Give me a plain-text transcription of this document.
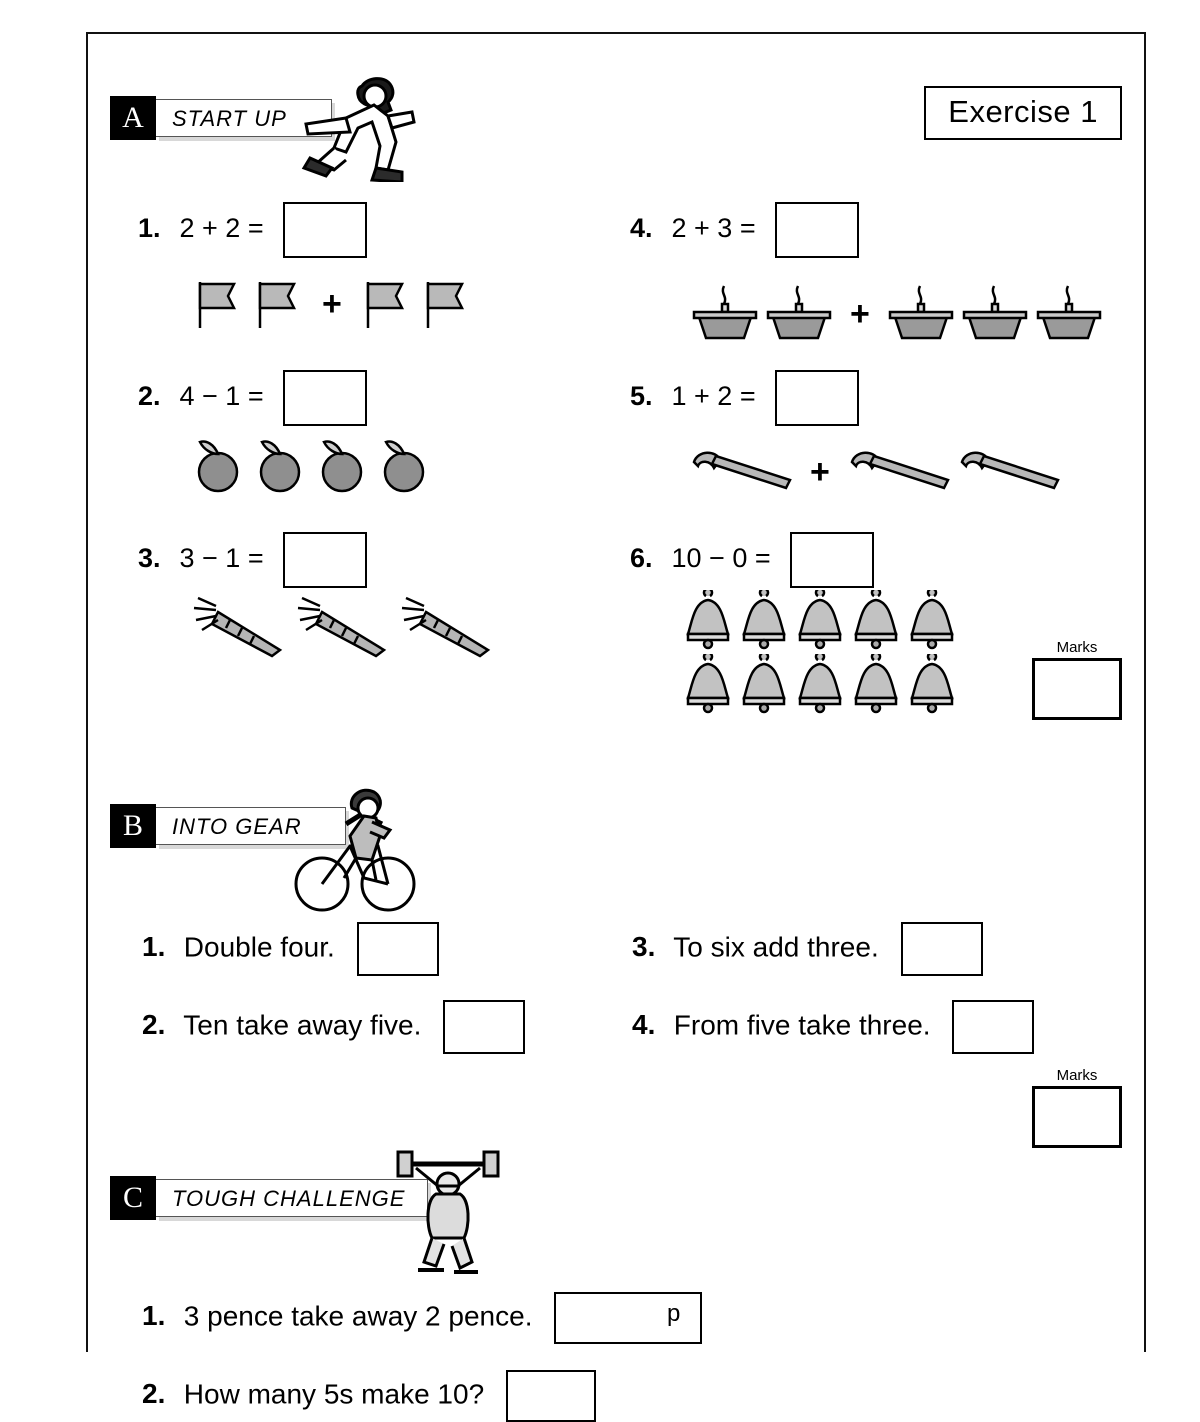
Exercise 1
A	START UP
1. 2 + 2 =
+
2. 4 − 1 =
3. 3 − 1 =
4. 2 + 3 =
+
5. 1 + 2 =
+
6. 10 − 0 =
Marks
B	INTO GEAR
1. Double four.
2. Ten take away five.
3. To six add three.
4. From five take three.
Marks
C	TOUGH CHALLENGE
1. 3 pence take away 2 pence.	p
2. How many 5s make 10?
